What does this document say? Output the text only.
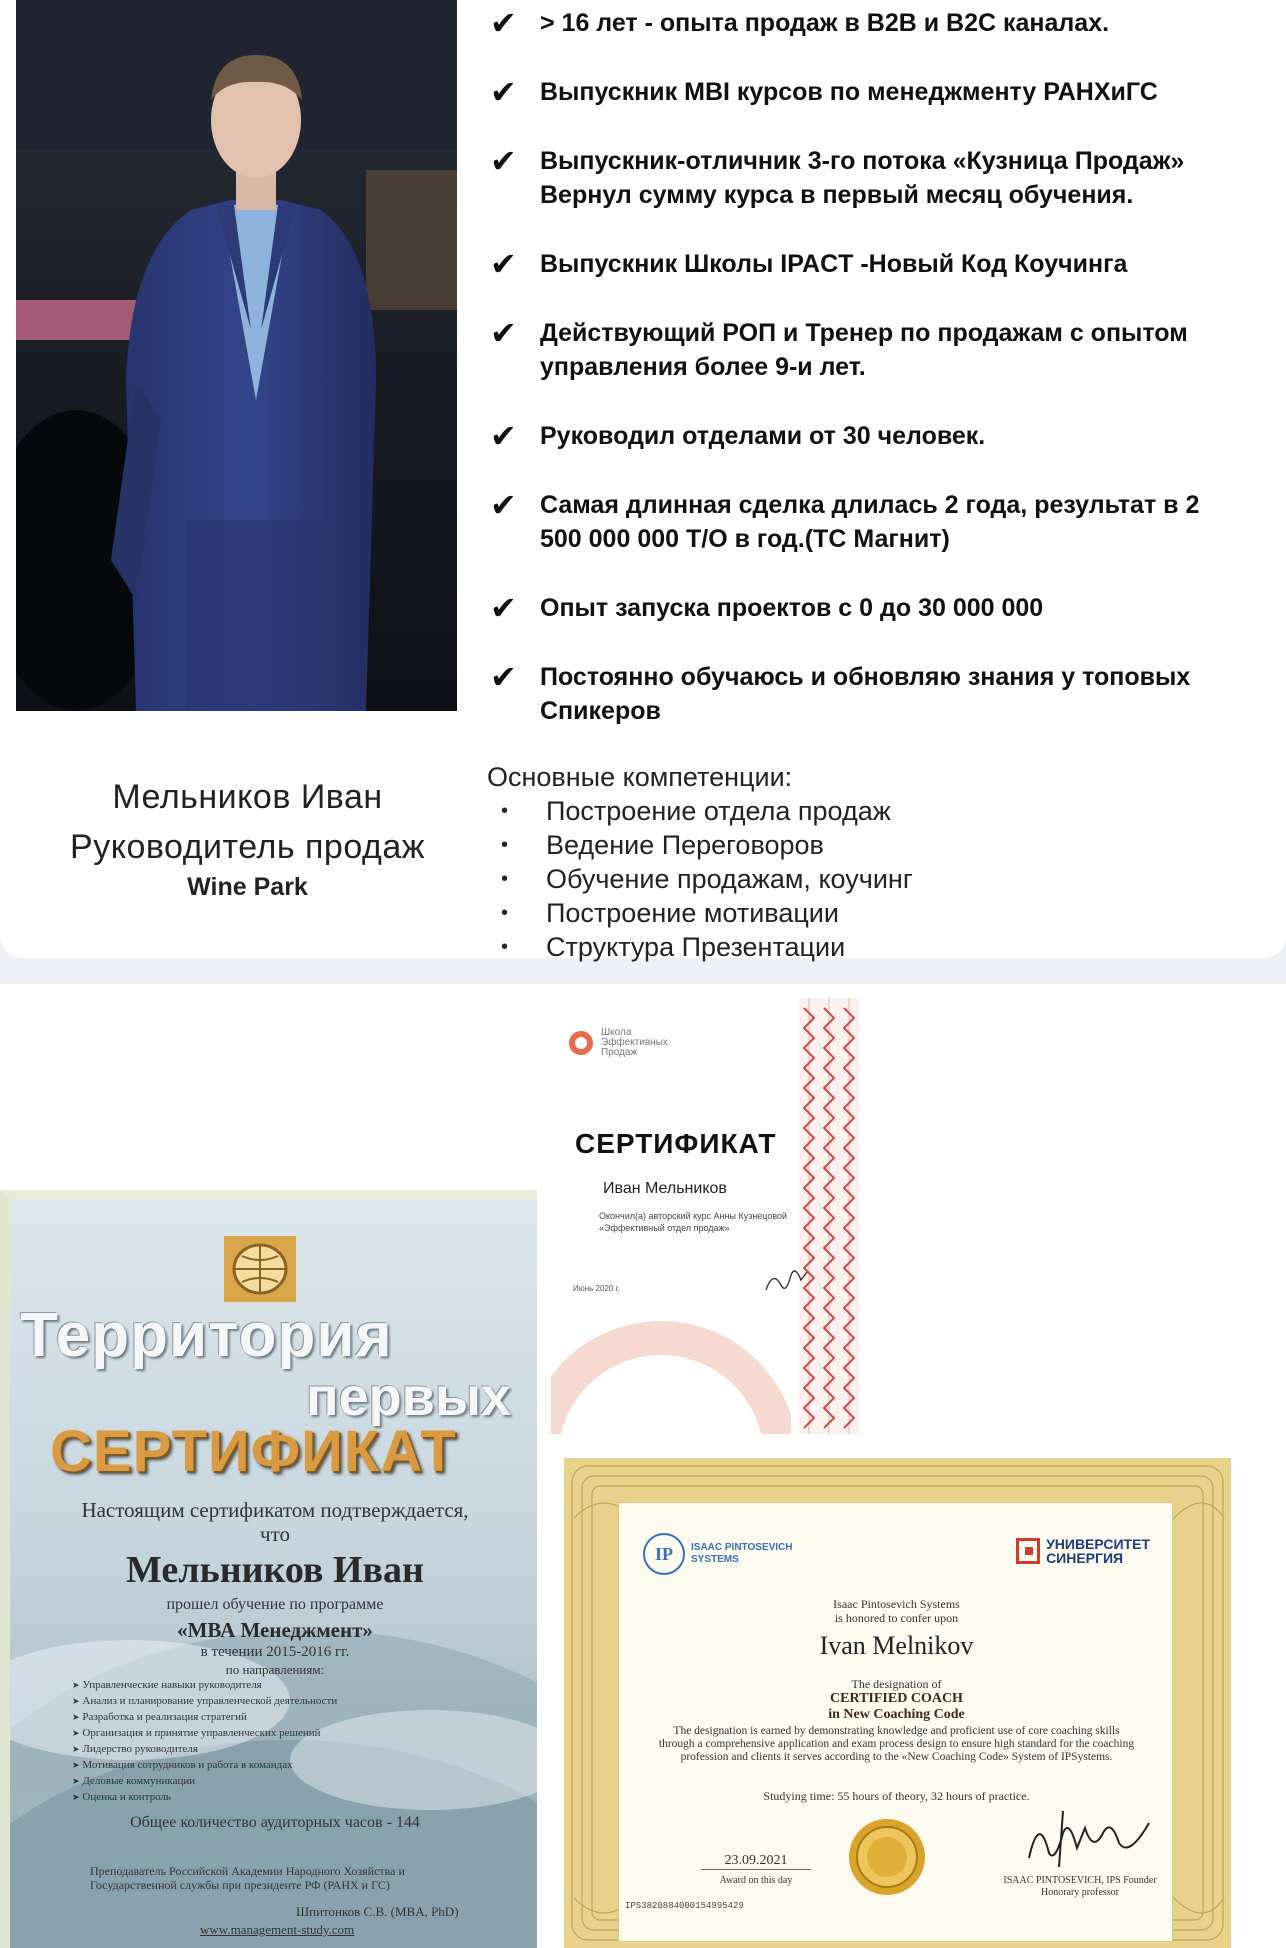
Мельников Иван
Руководитель продаж
Wine Park
✔ > 16 лет - опыта продаж в B2B и B2C каналах.
✔ Выпускник MBI курсов по менеджменту РАНХиГС
✔ Выпускник-отличник 3-го потока «Кузница Продаж»
Вернул сумму курса в первый месяц обучения.
✔ Выпускник Школы IPACT -Новый Код Коучинга
✔ Действующий РОП и Тренер по продажам с опытом
управления более 9-и лет.
✔ Руководил отделами от 30 человек.
✔ Самая длинная сделка длилась 2 года, результат в 2
500 000 000 Т/О в год.(ТС Магнит)
✔ Опыт запуска проектов с 0 до 30 000 000
✔ Постоянно обучаюсь и обновляю знания у топовых
Спикеров
Основные компетенции:
•	Построение отдела продаж
•	Ведение Переговоров
•	Обучение продажам, коучинг
•	Построение мотивации
•	Структура Презентации
Школа
Эффективных
Продаж
СЕРТИФИКАТ
Иван Мельников
Окончил(а) авторский курс Анны Кузнецовой «Эффективный отдел продаж»
Июнь 2020 г.
Территория
первых
СЕРТИФИКАТ
Настоящим сертификатом подтверждается,
что
Мельников Иван
прошел обучение по программе
«МВА Менеджмент»
в течении 2015-2016 гг.
по направлениям:
➤ Управленческие навыки руководителя
➤ Анализ и планирование управленческой деятельности
➤ Разработка и реализация стратегий
➤ Организация и принятие управленческих решений
➤ Лидерство руководителя
➤ Мотивация сотрудников и работа в командах
➤ Деловые коммуникации
➤ Оценка и контроль
Общее количество аудиторных часов - 144
Преподаватель Российской Академии Народного Хозяйства и Государственной службы при президенте РФ (РАНХ и ГС)
Шпитонков С.В. (MBA, PhD)
www.management-study.com
IP	ISAAC PINTOSEVICH
SYSTEMS
УНИВЕРСИТЕТ
СИНЕРГИЯ
Isaac Pintosevich Systems
is honored to confer upon
Ivan Melnikov
The designation of
CERTIFIED COACH
in New Coaching Code
The designation is earned by demonstrating knowledge and proficient use of core coaching skills through a comprehensive application and exam process design to ensure high standard for the coaching profession and clients it serves according to the «New Coaching Code» System of IPSystems.
Studying time: 55 hours of theory, 32 hours of practice.
23.09.2021
Award on this day	ISAAC PINTOSEVICH, IPS Founder
Honorary professor
IPS3820884000154995429
